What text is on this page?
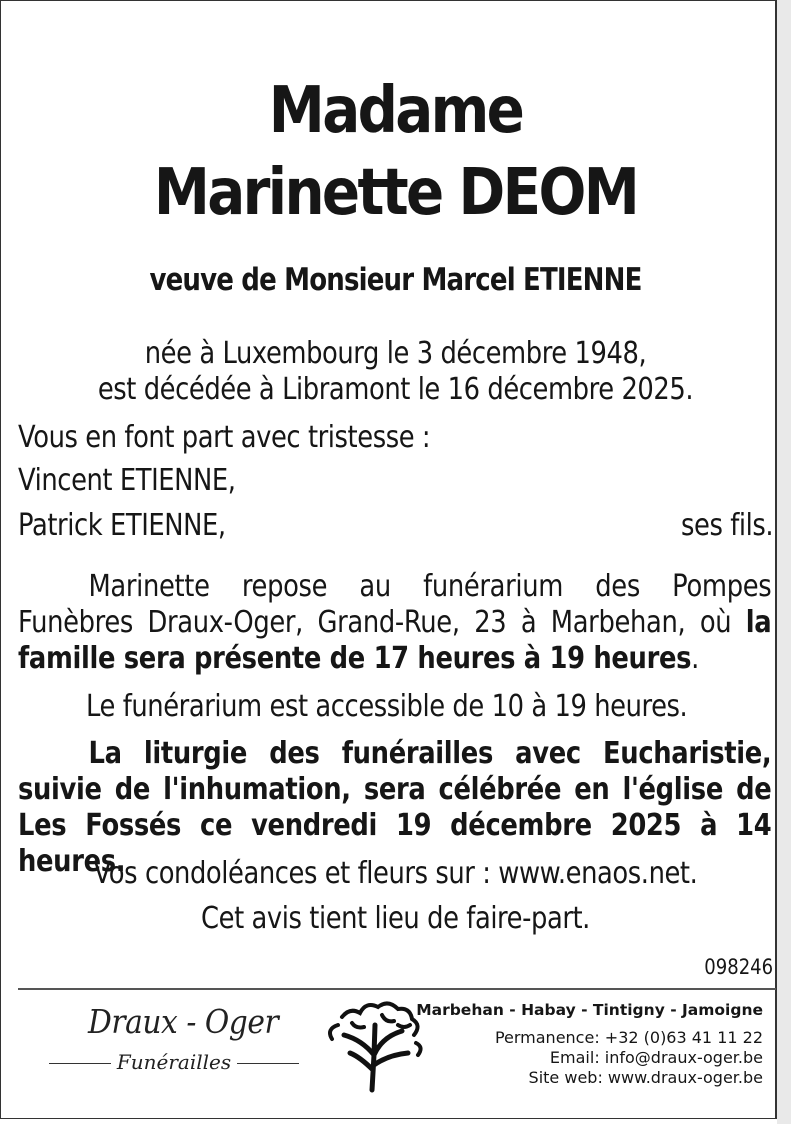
Madame
Marinette DEOM
veuve de Monsieur Marcel ETIENNE
née à Luxembourg le 3 décembre 1948,
est décédée à Libramont le 16 décembre 2025.
Vous en font part avec tristesse :
Vincent ETIENNE,
Patrick ETIENNE,	ses fils.
Marinette repose au funérarium des Pompes Funèbres Draux-Oger, Grand-Rue, 23 à Marbehan, où la famille sera présente de 17 heures à 19 heures.
Le funérarium est accessible de 10 à 19 heures.
La liturgie des funérailles avec Eucharistie, suivie de l'inhumation, sera célébrée en l'église de Les Fossés ce vendredi 19 décembre 2025 à 14 heures.
Vos condoléances et fleurs sur : www.enaos.net.
Cet avis tient lieu de faire-part.
098246
Draux - Oger
Funérailles
Marbehan - Habay - Tintigny - Jamoigne
Permanence: +32 (0)63 41 11 22
Email: info@draux-oger.be
Site web: www.draux-oger.be
